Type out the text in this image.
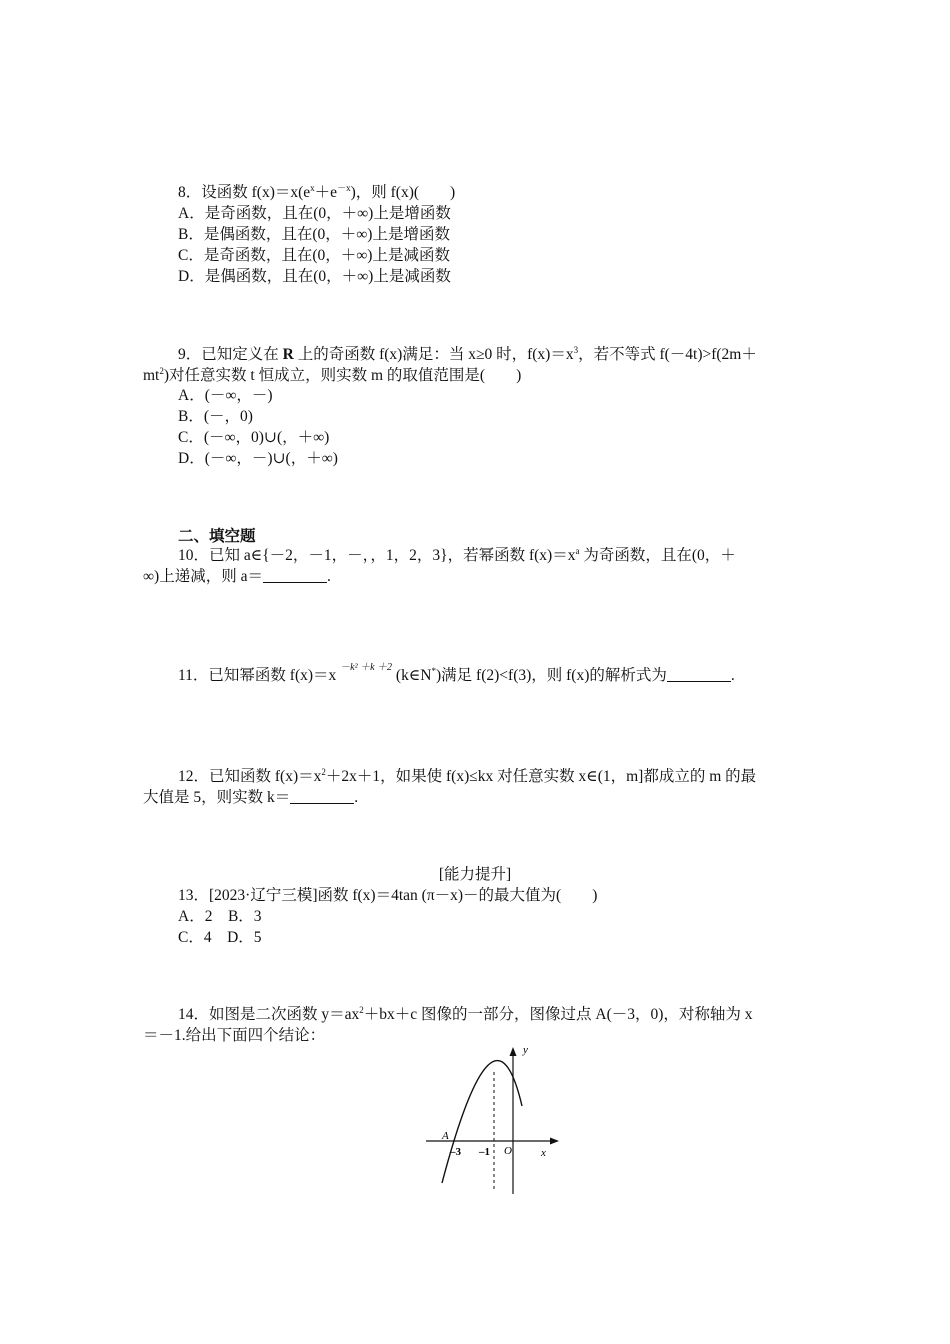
8．设函数 $f(x)=x(e^x+e^{-x})$，则 f(x)(　　)
A．是奇函数，且在(0，＋∞)上是增函数
B．是偶函数，且在(0，＋∞)上是增函数
C．是奇函数，且在(0，＋∞)上是减函数
D．是偶函数，且在(0，＋∞)上是减函数
9．已知定义在 R 上的奇函数 f(x)满足：当 x≥0 时，$f(x)=x^3$，若不等式 f(－4t)>f(2m＋
$mt^2$)对任意实数 t 恒成立，则实数 m 的取值范围是(　　)
A．(－∞，－)
B．(－，0)
C．(－∞，0)∪(，＋∞)
D．(－∞，－)∪(，＋∞)
二、填空题
10．已知 a∈{－2，－1，－，，1，2，3}，若幂函数 $f(x)=x^a$ 为奇函数，且在(0，＋
∞)上递减，则 a＝	.
11．已知幂函数 f(x)＝x $^{-k^2 +k +2}$ (k∈N*)满足 f(2)<f(3)，则 f(x)的解析式为	.
12．已知函数 $f(x)=x^2+2x+1$，如果使 f(x)≤kx 对任意实数 x∈(1，m]都成立的 m 的最
大值是 5，则实数 k＝	.
[能力提升]
13．[2023·辽宁三模]函数 f(x)＝4tan (π－x)－的最大值为(　　)
A．2　B．3
C．4　D．5
14．如图是二次函数 $y=ax^2+bx+c$ 图像的一部分，图像过点 A(－3，0)，对称轴为 x
＝－1.给出下面四个结论：
y
x
A
–3 –1 O
